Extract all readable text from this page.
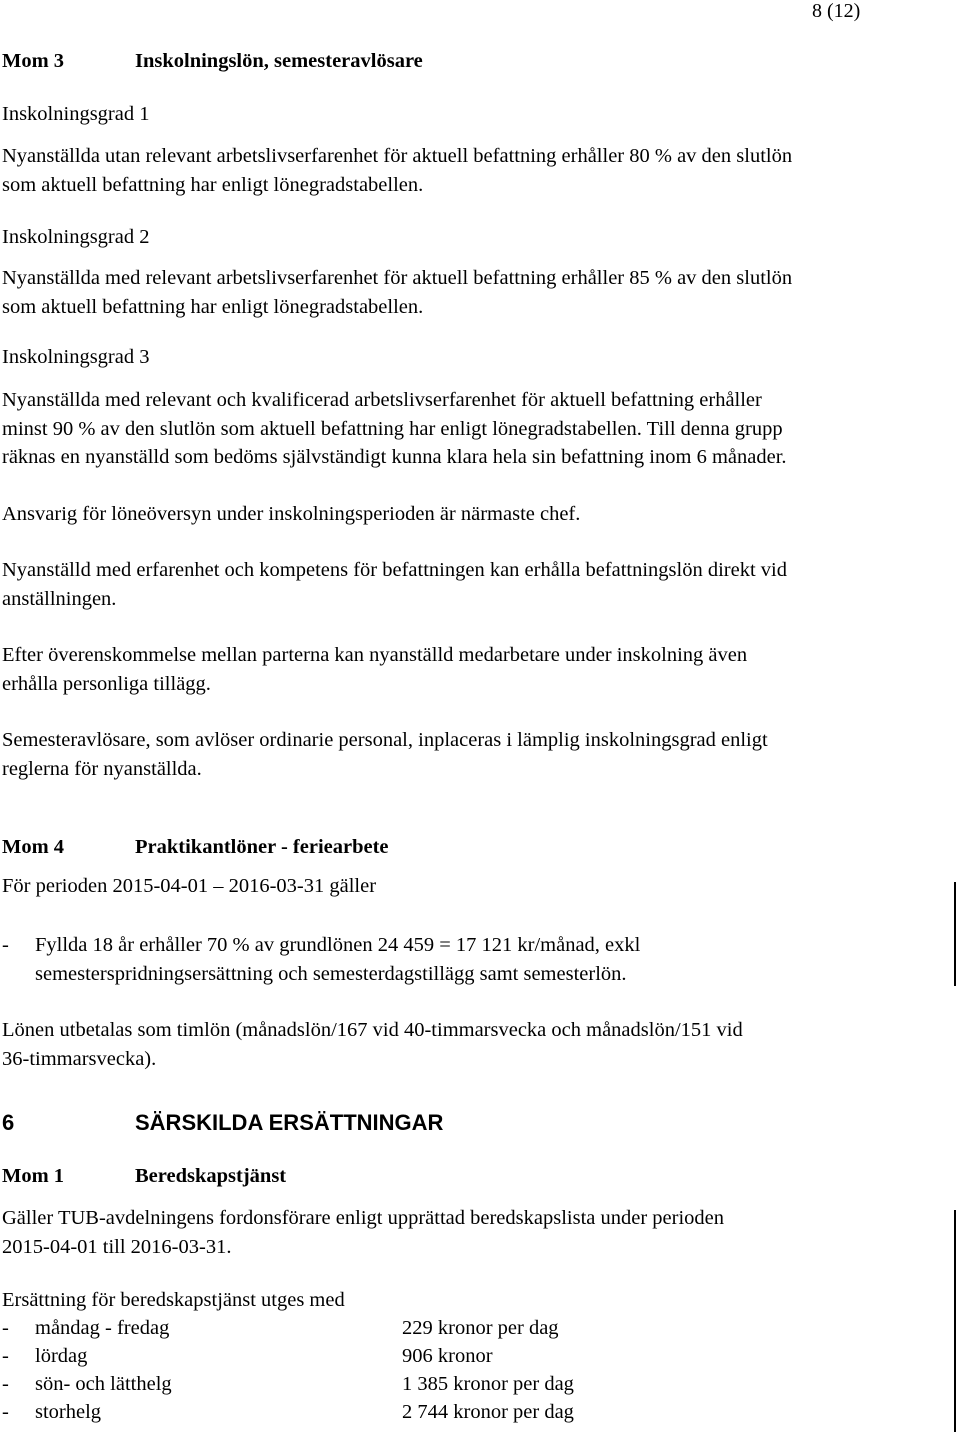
8 (12)
Mom 3	Inskolningslön, semesteravlösare
Inskolningsgrad 1
Nyanställda utan relevant arbetslivserfarenhet för aktuell befattning erhåller 80 % av den slutlön
som aktuell befattning har enligt lönegradstabellen.
Inskolningsgrad 2
Nyanställda med relevant arbetslivserfarenhet för aktuell befattning erhåller 85 % av den slutlön
som aktuell befattning har enligt lönegradstabellen.
Inskolningsgrad 3
Nyanställda med relevant och kvalificerad arbetslivserfarenhet för aktuell befattning erhåller
minst 90 % av den slutlön som aktuell befattning har enligt lönegradstabellen. Till denna grupp
räknas en nyanställd som bedöms självständigt kunna klara hela sin befattning inom 6 månader.
Ansvarig för löneöversyn under inskolningsperioden är närmaste chef.
Nyanställd med erfarenhet och kompetens för befattningen kan erhålla befattningslön direkt vid
anställningen.
Efter överenskommelse mellan parterna kan nyanställd medarbetare under inskolning även
erhålla personliga tillägg.
Semesteravlösare, som avlöser ordinarie personal, inplaceras i lämplig inskolningsgrad enligt
reglerna för nyanställda.
Mom 4	Praktikantlöner - feriearbete
För perioden 2015-04-01 – 2016-03-31 gäller
- Fyllda 18 år erhåller 70 % av grundlönen 24 459 = 17 121 kr/månad, exkl
semesterspridningsersättning och semesterdagstillägg samt semesterlön.
Lönen utbetalas som timlön (månadslön/167 vid 40-timmarsvecka och månadslön/151 vid
36-timmarsvecka).
6	SÄRSKILDA ERSÄTTNINGAR
Mom 1	Beredskapstjänst
Gäller TUB-avdelningens fordonsförare enligt upprättad beredskapslista under perioden
2015-04-01 till 2016-03-31.
Ersättning för beredskapstjänst utges med
- måndag - fredag	229 kronor per dag
- lördag	906 kronor
- sön- och lätthelg	1 385 kronor per dag
- storhelg	2 744 kronor per dag
